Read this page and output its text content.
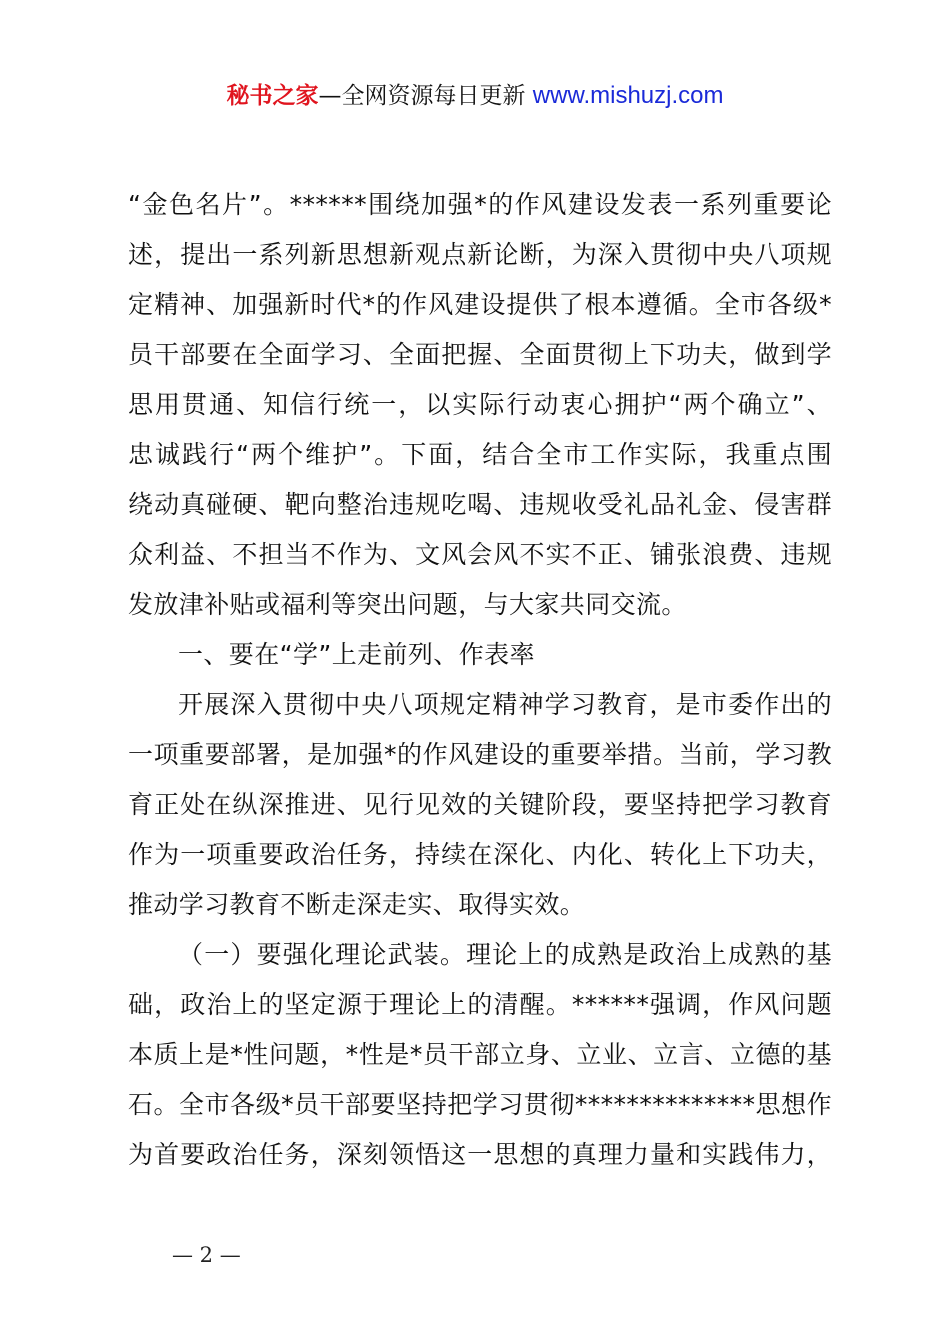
秘书之家—全网资源每日更新 www.mishuzj.com
“金色名片”。******围绕加强*的作风建设发表一系列重要论
述，提出一系列新思想新观点新论断，为深入贯彻中央八项规
定精神、加强新时代*的作风建设提供了根本遵循。全市各级*
员干部要在全面学习、全面把握、全面贯彻上下功夫，做到学
思用贯通、知信行统一，以实际行动衷心拥护“两个确立”、
忠诚践行“两个维护”。下面，结合全市工作实际，我重点围
绕动真碰硬、靶向整治违规吃喝、违规收受礼品礼金、侵害群
众利益、不担当不作为、文风会风不实不正、铺张浪费、违规
发放津补贴或福利等突出问题，与大家共同交流。
一、要在“学”上走前列、作表率
开展深入贯彻中央八项规定精神学习教育，是市委作出的
一项重要部署，是加强*的作风建设的重要举措。当前，学习教
育正处在纵深推进、见行见效的关键阶段，要坚持把学习教育
作为一项重要政治任务，持续在深化、内化、转化上下功夫，
推动学习教育不断走深走实、取得实效。
（一）要强化理论武装。理论上的成熟是政治上成熟的基
础，政治上的坚定源于理论上的清醒。******强调，作风问题
本质上是*性问题，*性是*员干部立身、立业、立言、立德的基
石。全市各级*员干部要坚持把学习贯彻**************思想作
为首要政治任务，深刻领悟这一思想的真理力量和实践伟力，
— 2 —
